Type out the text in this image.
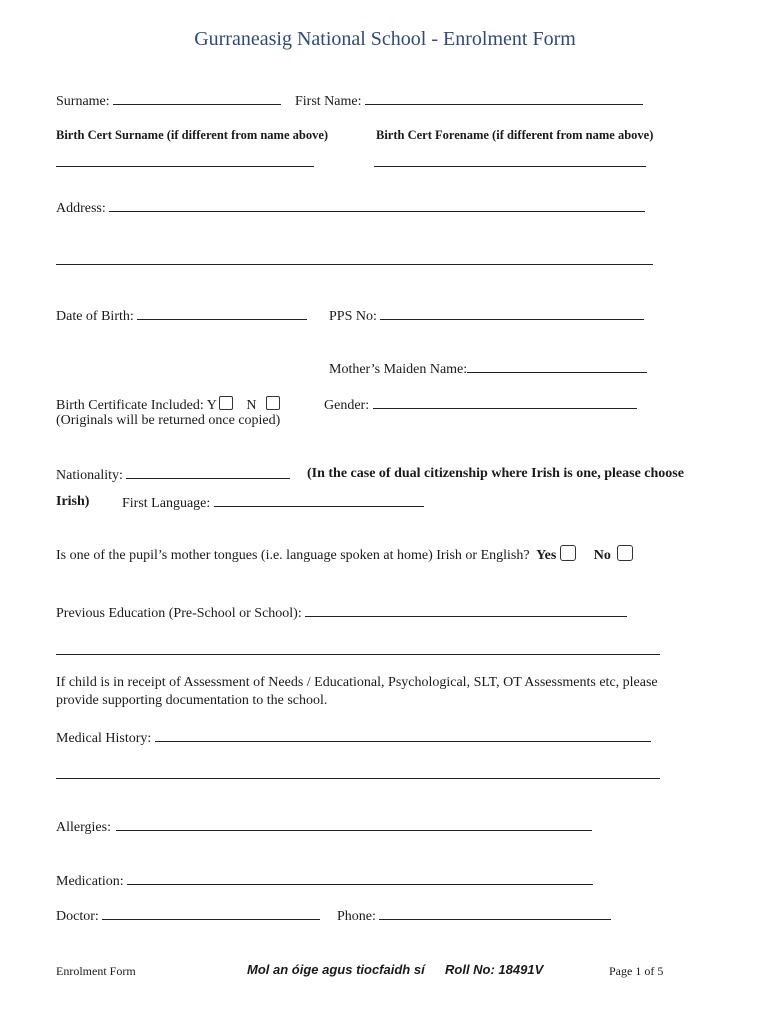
Gurraneasig National School - Enrolment Form
Surname:	First Name:
Birth Cert Surname (if different from name above)	Birth Cert Forename (if different from name above)
Address:
Date of Birth:	PPS No:
Mother’s Maiden Name:
Birth Certificate Included: Y N
(Originals will be returned once copied)
Gender:
Nationality:	(In the case of dual citizenship where Irish is one, please choose
Irish) First Language:
Is one of the pupil’s mother tongues (i.e. language spoken at home) Irish or English? Yes	No
Previous Education (Pre-School or School):
If child is in receipt of Assessment of Needs / Educational, Psychological, SLT, OT Assessments etc, please
provide supporting documentation to the school.
Medical History:
Allergies:
Medication:
Doctor:	Phone:
Enrolment Form	Mol an óige agus tiocfaidh sí Roll No: 18491V	Page 1 of 5
